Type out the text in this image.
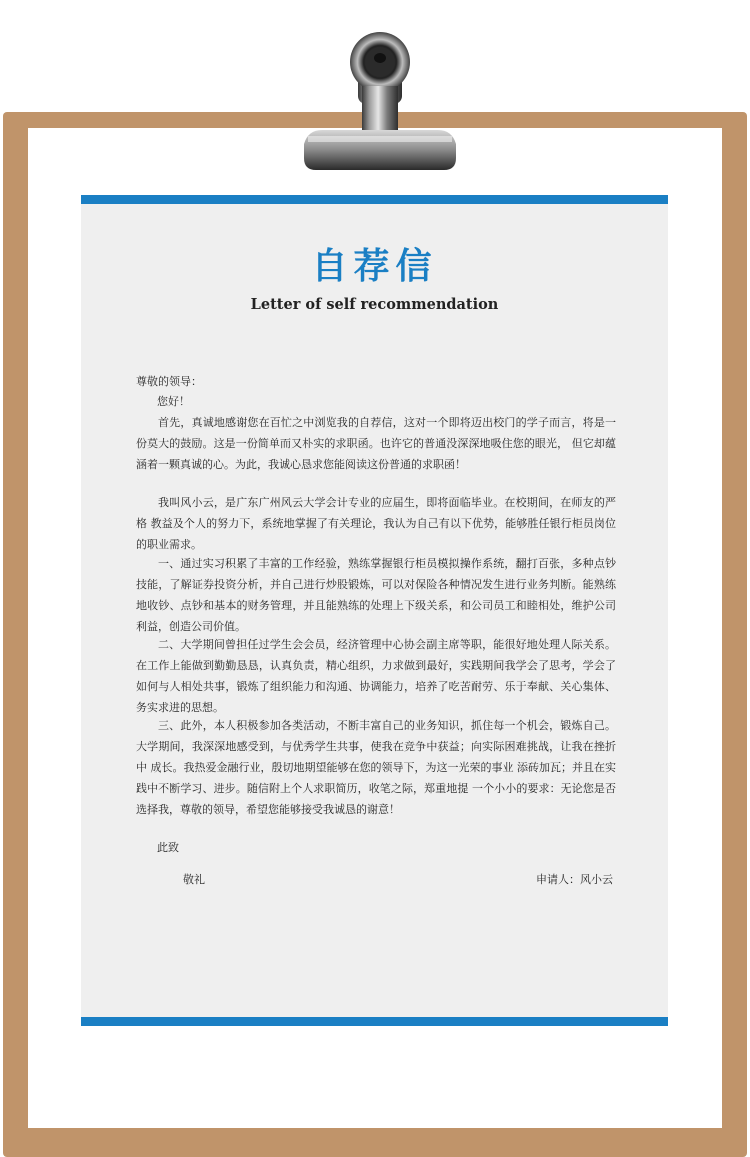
自荐信
Letter of self recommendation

尊敬的领导：

您好！

首先，真诚地感谢您在百忙之中浏览我的自荐信，这对一个即将迈出校门的学子而言，将是一份莫大的鼓励。这是一份简单而又朴实的求职函。也许它的普通没深深地吸住您的眼光， 但它却蕴涵着一颗真诚的心。为此，我诚心恳求您能阅读这份普通的求职函！

我叫风小云，是广东广州风云大学会计专业的应届生，即将面临毕业。在校期间，在师友的严格 教益及个人的努力下，系统地掌握了有关理论，我认为自己有以下优势，能够胜任银行柜员岗位的职业需求。

一、通过实习积累了丰富的工作经验，熟练掌握银行柜员模拟操作系统，翻打百张，多种点钞技能，了解证券投资分析，并自己进行炒股锻炼，可以对保险各种情况发生进行业务判断。能熟练地收钞、点钞和基本的财务管理，并且能熟练的处理上下级关系，和公司员工和睦相处，维护公司利益，创造公司价值。

二、大学期间曾担任过学生会会员，经济管理中心协会副主席等职，能很好地处理人际关系。在工作上能做到勤勤恳恳，认真负责，精心组织，力求做到最好，实践期间我学会了思考，学会了如何与人相处共事，锻炼了组织能力和沟通、协调能力，培养了吃苦耐劳、乐于奉献、关心集体、务实求进的思想。

三、此外，本人积极参加各类活动，不断丰富自己的业务知识，抓住每一个机会，锻炼自己。大学期间，我深深地感受到，与优秀学生共事，使我在竞争中获益；向实际困难挑战，让我在挫折中 成长。我热爱金融行业，殷切地期望能够在您的领导下，为这一光荣的事业 添砖加瓦；并且在实践中不断学习、进步。随信附上个人求职简历，收笔之际，郑重地提 一个小小的要求：无论您是否选择我，尊敬的领导，希望您能够接受我诚恳的谢意！

此致

敬礼	申请人：风小云
